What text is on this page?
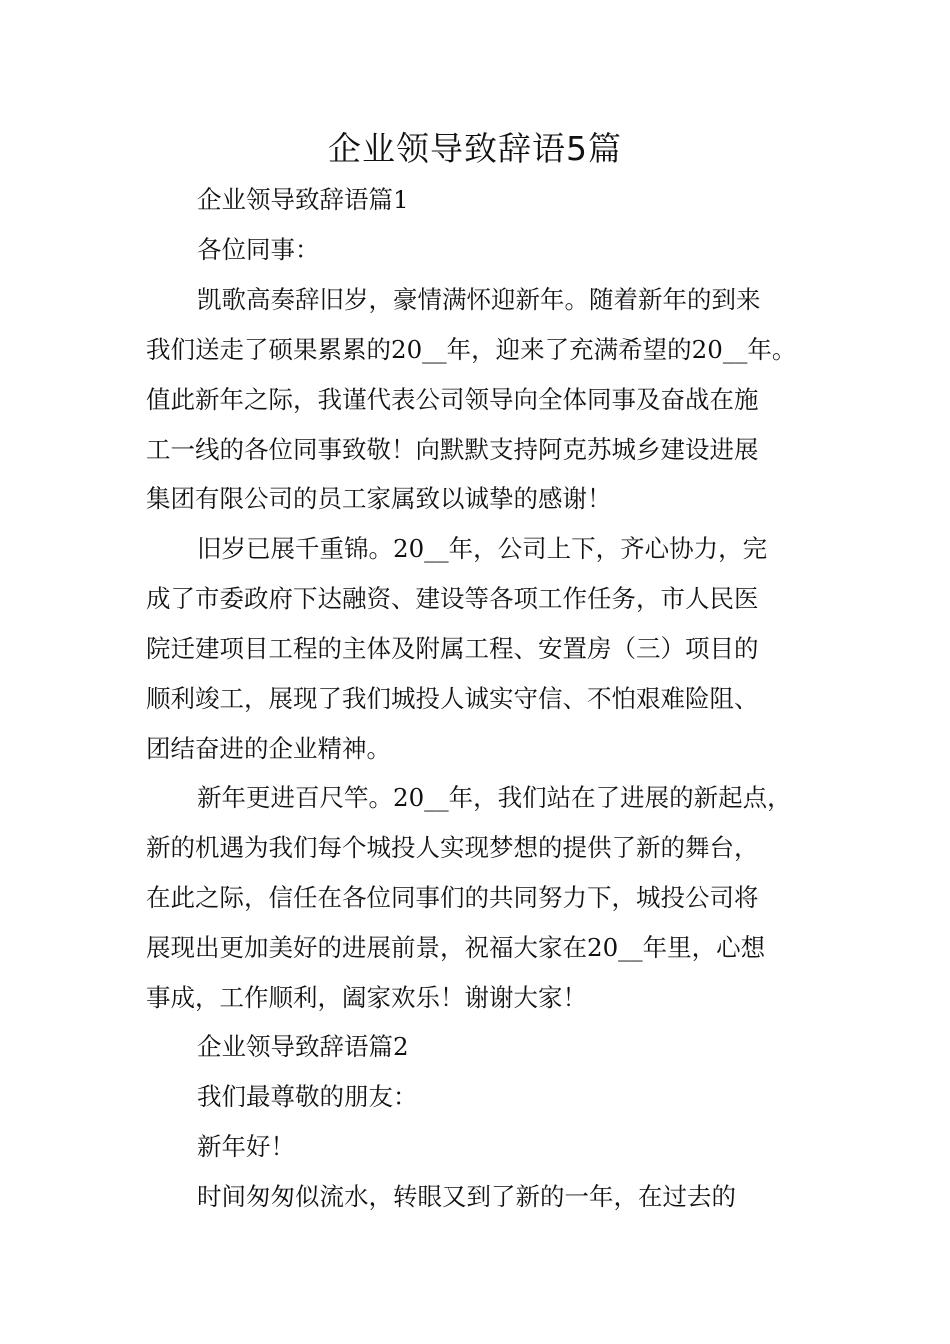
企业领导致辞语5篇

企业领导致辞语篇1

各位同事：

凯歌高奏辞旧岁，豪情满怀迎新年。随着新年的到来

我们送走了硕果累累的20__年，迎来了充满希望的20__年。

值此新年之际，我谨代表公司领导向全体同事及奋战在施

工一线的各位同事致敬！向默默支持阿克苏城乡建设进展

集团有限公司的员工家属致以诚挚的感谢！

旧岁已展千重锦。20__年，公司上下，齐心协力，完

成了市委政府下达融资、建设等各项工作任务，市人民医

院迁建项目工程的主体及附属工程、安置房（三）项目的

顺利竣工，展现了我们城投人诚实守信、不怕艰难险阻、

团结奋进的企业精神。

新年更进百尺竿。20__年，我们站在了进展的新起点，

新的机遇为我们每个城投人实现梦想的提供了新的舞台，

在此之际，信任在各位同事们的共同努力下，城投公司将

展现出更加美好的进展前景，祝福大家在20__年里，心想

事成，工作顺利，阖家欢乐！谢谢大家！

企业领导致辞语篇2

我们最尊敬的朋友：

新年好！

时间匆匆似流水，转眼又到了新的一年，在过去的
